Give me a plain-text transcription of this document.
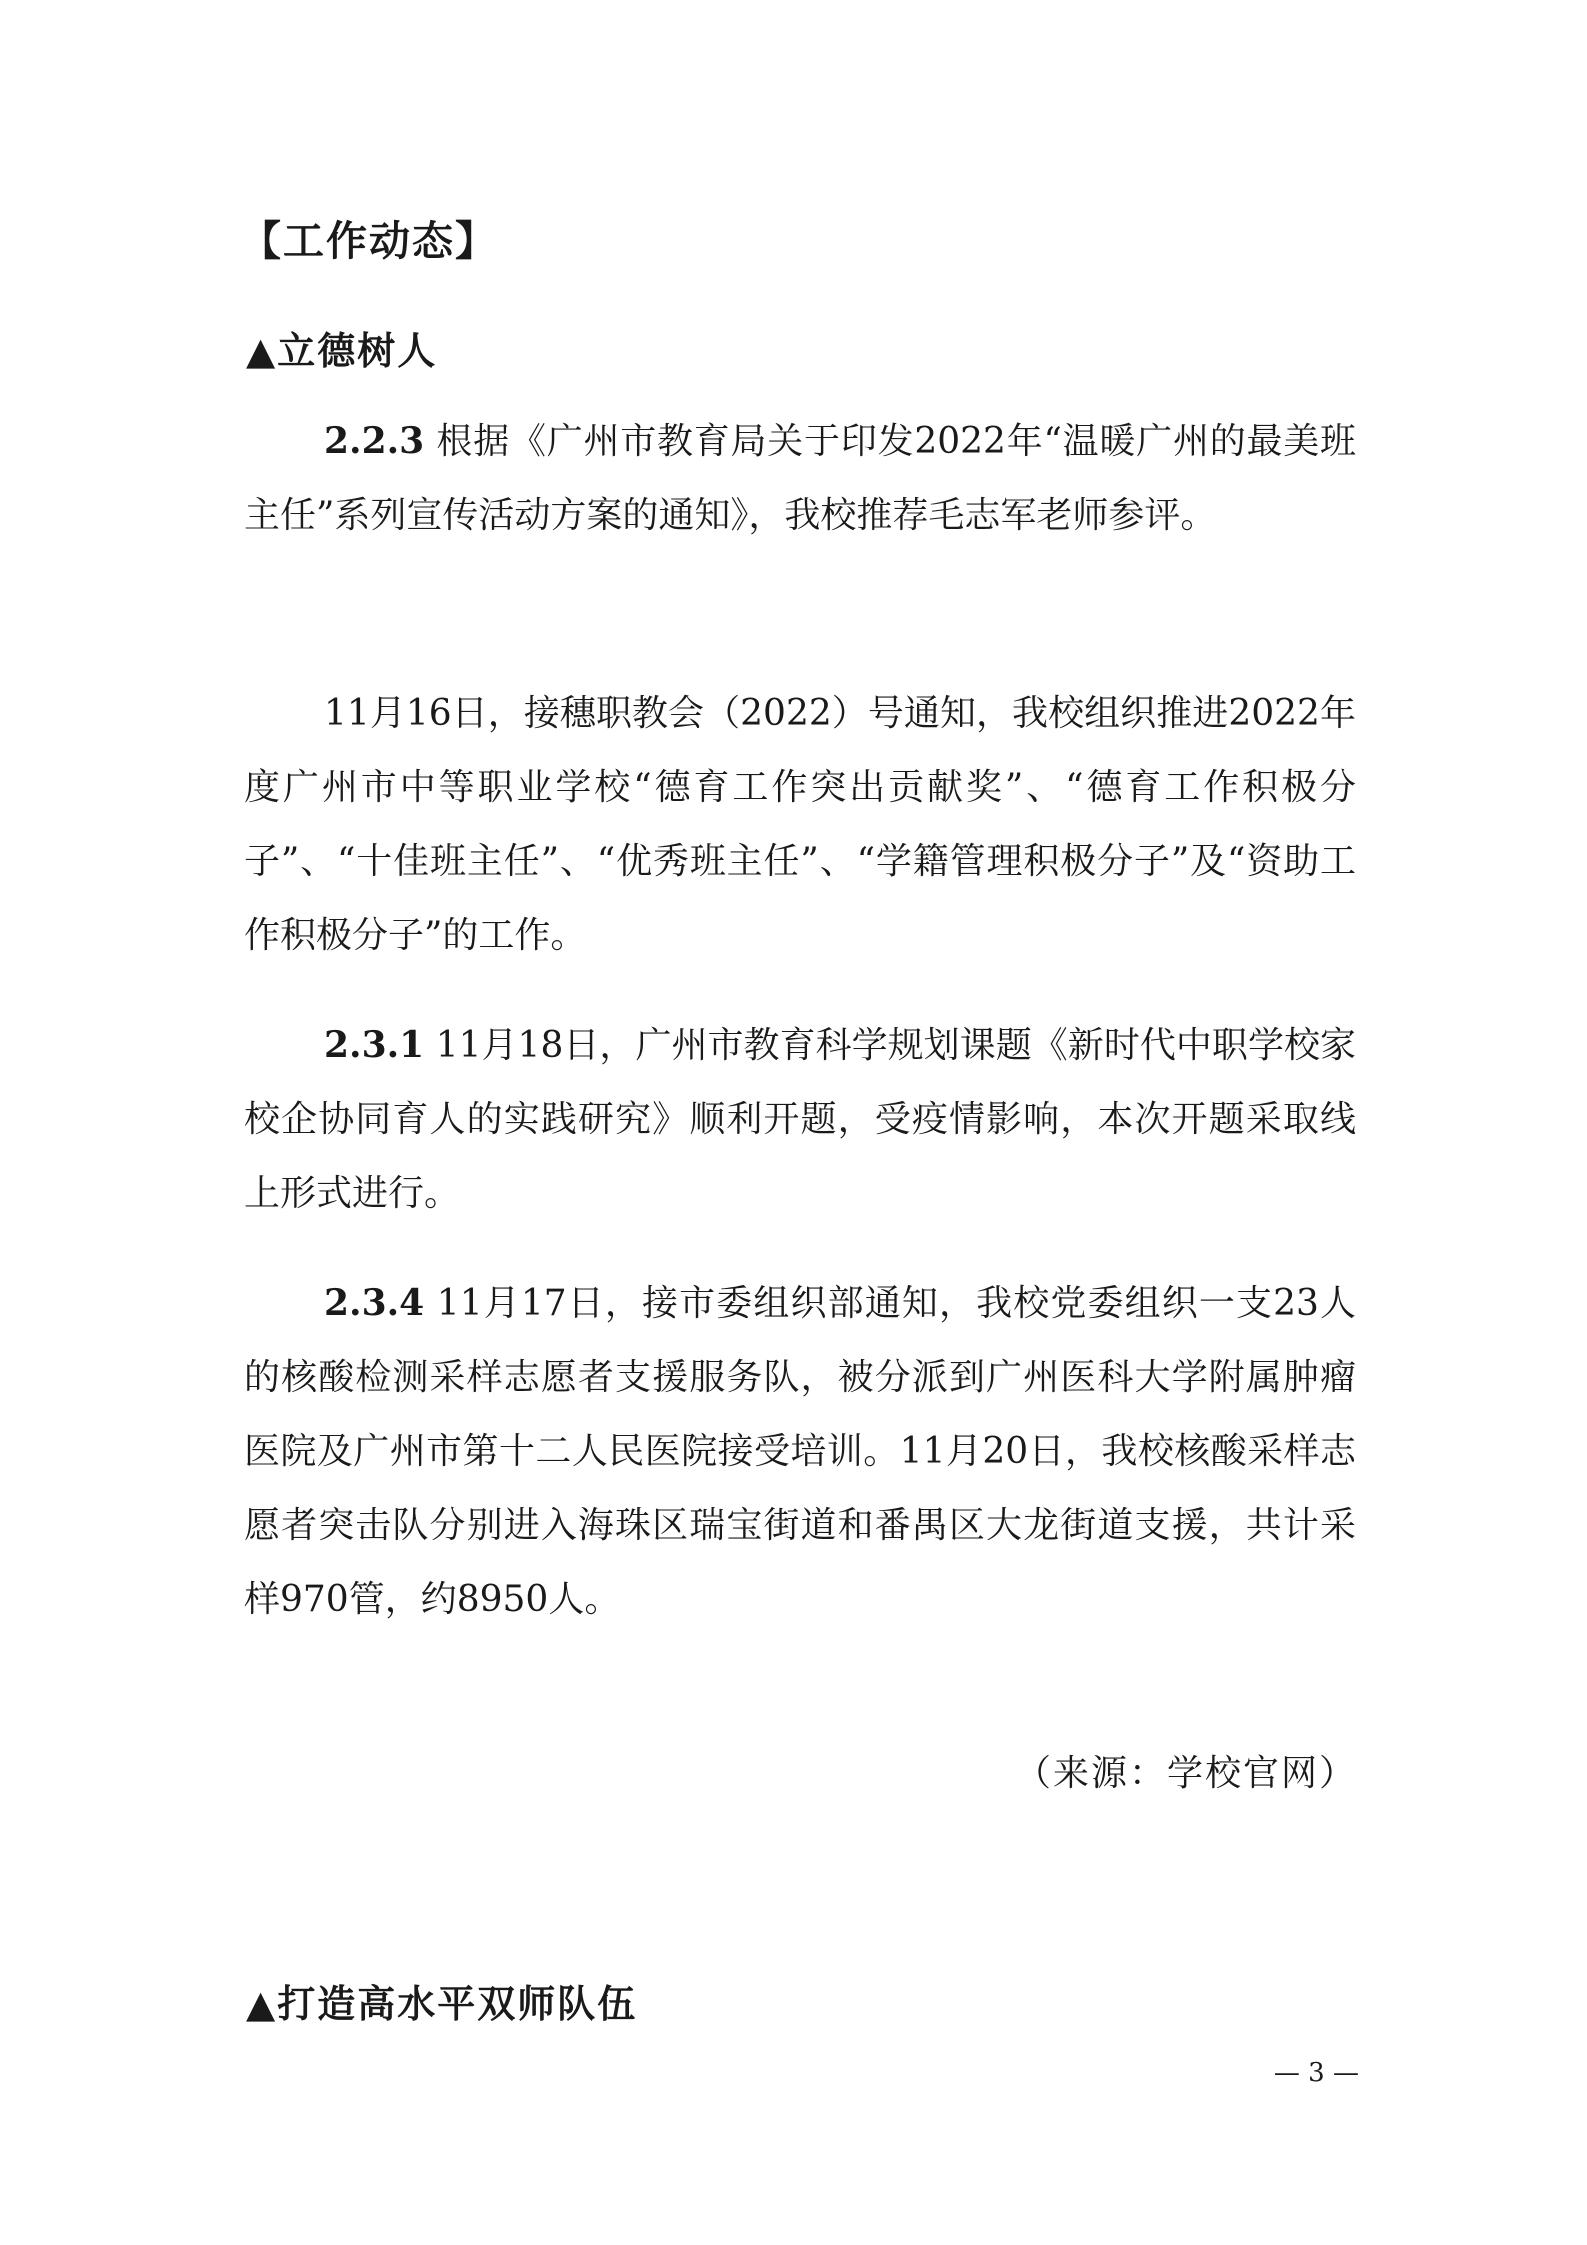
【工作动态】
▲立德树人

2.2.3 根据《广州市教育局关于印发2022年“温暖广州的最美班主任”系列宣传活动方案的通知》，我校推荐毛志军老师参评。

11月16日，接穗职教会（2022）号通知，我校组织推进2022年度广州市中等职业学校“德育工作突出贡献奖”、“德育工作积极分子”、“十佳班主任”、“优秀班主任”、“学籍管理积极分子”及“资助工作积极分子”的工作。

2.3.1 11月18日，广州市教育科学规划课题《新时代中职学校家校企协同育人的实践研究》顺利开题，受疫情影响，本次开题采取线上形式进行。

2.3.4 11月17日，接市委组织部通知，我校党委组织一支23人的核酸检测采样志愿者支援服务队，被分派到广州医科大学附属肿瘤医院及广州市第十二人民医院接受培训。11月20日，我校核酸采样志愿者突击队分别进入海珠区瑞宝街道和番禺区大龙街道支援，共计采样970管，约8950人。

（来源：学校官网）
▲打造高水平双师队伍
— 3 —
